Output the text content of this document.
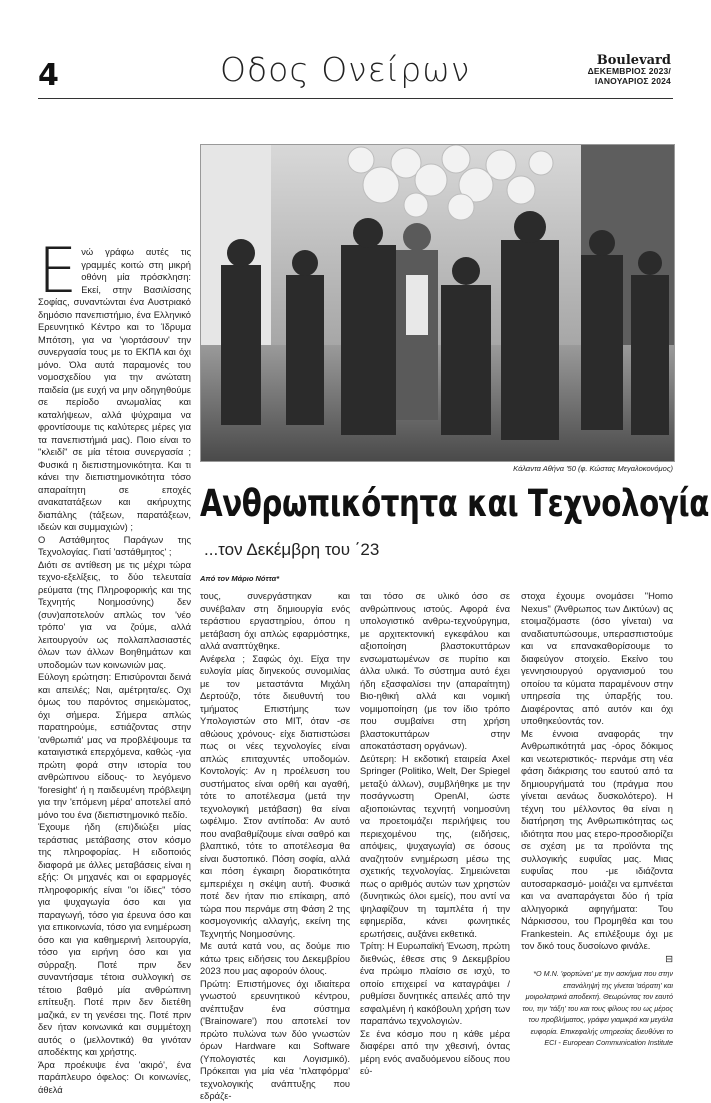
4	Οδος Ονείρων	Boulevard
ΔΕΚΕΜΒΡΙΟΣ 2023/
ΙΑΝΟΥΑΡΙΟΣ 2024
Κάλαντα Αθήνα '50 (φ. Κώστας Μεγαλοκονόμος)
Ανθρωπικότητα και Τεχνολογία
...τον Δεκέμβρη του ΄23
Από τον Μάριο Νόττα*
Ε νώ γράφω αυτές τις γραμμές κοιτώ στη μικρή οθόνη μία πρόσκληση: Εκεί, στην Βασιλίσσης Σοφίας, συναντώνται ένα Αυστριακό δημόσιο πανεπιστήμιο, ένα Ελληνικό Ερευνητικό Κέντρο και το Ίδρυμα Μπότση, για να 'γιορτάσουν' την συνεργασία τους με το ΕΚΠΑ και όχι μόνο. Όλα αυτά παραμονές του νομοσχεδίου για την ανώτατη παιδεία (με ευχή να μην οδηγηθούμε σε περίοδο ανωμαλίας και καταλήψεων, αλλά ψύχραιμα να φροντίσουμε τις καλύτερες μέρες για τα πανεπιστήμιά μας). Ποιο είναι το "κλειδί" σε μία τέτοια συνεργασία ; Φυσικά η διεπιστημονικότητα. Και τι κάνει την διεπιστημονικότητα τόσο απαραίτητη σε εποχές ανακατατάξεων και ακήρυχτης διαπάλης (τάξεων, παρατάξεων, ιδεών και συμμαχιών) ;

Ο Αστάθμητος Παράγων της Τεχνολογίας. Γιατί 'αστάθμητος' ;

Διότι σε αντίθεση με τις μέχρι τώρα τεχνο-εξελίξεις, το δύο τελευταία ρεύματα (της Πληροφορικής και της Τεχνητής Νοημοσύνης) δεν (συν)αποτελούν απλώς τον 'νέο τρόπο' για να ζούμε, αλλά λειτουργούν ως πολλαπλασιαστές όλων των άλλων Βοηθημάτων και υποδομών των κοινωνιών μας.

Εύλογη ερώτηση: Επισύρονται δεινά και απειλές; Ναι, αμέτρητα/ες. Οχι όμως του παρόντος σημειώματος, όχι σήμερα. Σήμερα απλώς παρατηρούμε, εστιάζοντας στην 'ανθρωπιά' μας να προβλέψουμε τα καταιγιστικά επερχόμενα, καθώς -για πρώτη φορά στην ιστορία του ανθρώπινου είδους- το λεγόμενο 'foresight' ή η παιδευμένη πρόβλεψη για την 'επόμενη μέρα' αποτελεί από μόνο του ένα (διεπιστημονικό πεδίο.

Έχουμε ήδη (επι)διώξει μίας τεράστιας μετάβασης στον κόσμο της πληροφορίας. Η ειδοποιός διαφορά με άλλες μεταβάσεις είναι η εξής: Οι μηχανές και οι εφαρμογές πληροφορικής είναι "οι ίδιες" τόσο για ψυχαγωγία όσο και για παραγωγή, τόσο για έρευνα όσο και για επικοινωνία, τόσο για ενημέρωση όσο και για καθημερινή λειτουργία, τόσο για ειρήνη όσο και για σύρραξη. Ποτέ πριν δεν συναντήσαμε τέτοια συλλογική σε τέτοιο βαθμό μία ανθρώπινη επίτευξη. Ποτέ πριν δεν διετέθη μαζικά, εν τη γενέσει της. Ποτέ πριν δεν ήταν κοινωνικά και συμμέτοχη αυτός ο (μελλοντικά) θα γινόταν αποδέκτης και χρήστης.

Άρα προέκυψε ένα 'ακιρό', ένα παράπλευρο όφελος: Οι κοινωνίες, άθελά

τους, συνεργάστηκαν και συνέβαλαν στη δημιουργία ενός τεράστιου εργαστηρίου, όπου η μετάβαση όχι απλώς εφαρμόστηκε, αλλά αναπτύχθηκε.

Ανέφελα ; Σαφώς όχι. Είχα την ευλογία μίας διηνεκούς συνομιλίας με τον μεταστάντα Μιχάλη Δερτούζο, τότε διευθυντή του τμήματος Επιστήμης των Υπολογιστών στο MIT, όταν -σε αθώους χρόνους- είχε διαπιστώσει πως οι νέες τεχνολογίες είναι απλώς επιταχυντές υποδομών. Κοντολογίς: Αν η προέλευση του συστήματος είναι ορθή και αγαθή, τότε το αποτέλεσμα (μετά την τεχνολογική μετάβαση) θα είναι ωφέλιμο. Στον αντίποδα: Αν αυτό που αναβαθμίζουμε είναι σαθρό και βλαπτικό, τότε το αποτέλεσμα θα είναι δυστοπικό. Πόση σοφία, αλλά και πόση έγκαιρη διορατικότητα εμπεριέχει η σκέψη αυτή. Φυσικά ποτέ δεν ήταν πιο επίκαιρη, από τώρα που περνάμε στη Φάση 2 της κοσμογονικής αλλαγής, εκείνη της Τεχνητής Νοημοσύνης.

Με αυτά κατά νου, ας δούμε πιο κάτω τρεις ειδήσεις του Δεκεμβρίου 2023 που μας αφορούν όλους.

Πρώτη: Επιστήμονες όχι ιδιαίτερα γνωστού ερευνητικού κέντρου, ανέπτυξαν ένα σύστημα ('Brainoware') που αποτελεί τον πρώτο πυλώνα των δύο γνωστών όρων Hardware και Software (Υπολογιστές και Λογισμικό). Πρόκειται για μία νέα 'πλατφόρμα' τεχνολογικής ανάπτυξης που εδράζε-

ται τόσο σε υλικό όσο σε ανθρώπινους ιστούς. Αφορά ένα υπολογιστικό ανθρω-τεχνούργημα, με αρχιτεκτονική εγκεφάλου και αξιοποίηση βλαστοκυττάρων ενσωματωμένων σε πυρίτιο και άλλα υλικά. Το σύστημα αυτό έχει ήδη εξασφαλίσει την (απαραίτητη) Βιο-ηθική αλλά και νομική νομιμοποίηση (με τον ίδιο τρόπο που συμβαίνει στη χρήση βλαστοκυττάρων στην αποκατάσταση οργάνων).

Δεύτερη: Η εκδοτική εταιρεία Axel Springer (Politiko, Welt, Der Spiegel μεταξύ άλλων), συμβλήθηκε με την ποσάγνωστη OpenAI, ώστε αξιοποιώντας τεχνητή νοημοσύνη να προετοιμάζει περιλήψεις του περιεχομένου της, (ειδήσεις, απόψεις, ψυχαγωγία) σε όσους αναζητούν ενημέρωση μέσω της σχετικής τεχνολογίας. Σημειώνεται πως ο αριθμός αυτών των χρηστών (δυνητικώς όλοι εμείς), που αντί να ψηλαφίζουν τη ταμπλέτα ή την εφημερίδα, κάνει φωνητικές ερωτήσεις, αυξάνει εκθετικά.

Τρίτη: Η Ευρωπαϊκή Ένωση, πρώτη διεθνώς, έθεσε στις 9 Δεκεμβρίου ένα πρώιμο πλαίσιο σε ισχύ, το οποίο επιχειρεί να καταγράψει / ρυθμίσει δυνητικές απειλές από την εσφαλμένη ή κακόβουλη χρήση των παραπάνω τεχνολογιών.

Σε ένα κόσμο που η κάθε μέρα διαφέρει από την χθεσινή, όντας μέρη ενός αναδυόμενου είδους που εύ-

στοχα έχουμε ονομάσει "Homo Nexus" (Άνθρωπος των Δικτύων) ας ετοιμαζόμαστε (όσο γίνεται) να αναδιατυπώσουμε, υπερασπιστούμε και να επανακαθορίσουμε το διαφεύγον στοιχείο. Εκείνο του γεννησιουργού οργανισμού του οποίου τα κύματα παραμένουν στην υπηρεσία της ύπαρξής του. Διαφέροντας από αυτόν και όχι υποθηκεύοντάς τον.

Με έννοια αναφοράς την Ανθρωπικότητά μας -όρος δόκιμος και νεωτεριστικός- περνάμε στη νέα φάση διάκρισης του εαυτού από τα δημιουργήματά του (πράγμα που γίνεται αενάως δυσκολότερο). Η τέχνη του μέλλοντος θα είναι η διατήρηση της Ανθρωπικότητας ως ιδιότητα που μας ετερο-προσδιορίζει σε σχέση με τα προϊόντα της συλλογικής ευφυΐας μας. Μιας ευφυΐας που -με ιδιάζοντα αυτοσαρκασμό- μοιάζει να εμπνέεται και να αναπαράγεται δύο ή τρία αλληγορικά αφηγήματα: Του Νάρκισσου, του Προμηθέα και του Frankestein. Ας επιλέξουμε όχι με τον δικό τους δυσοίωνο φινάλε.

⊟

*Ο Μ.Ν. 'φορτώνει' με την ασκήμια που στην επανάληψή της γίνεται 'αόρατη' και μοιρολατρικά αποδεκτή. Θεωρώντας τον εαυτό του, την 'τάξη' του και τους φίλους του ως μέρος του προβλήματος, γράφει γιαμικρά και μεγάλα ευφορία. Επικεφαλής υπηρεσίας διευθύνει το ECI - European Communication Institute
